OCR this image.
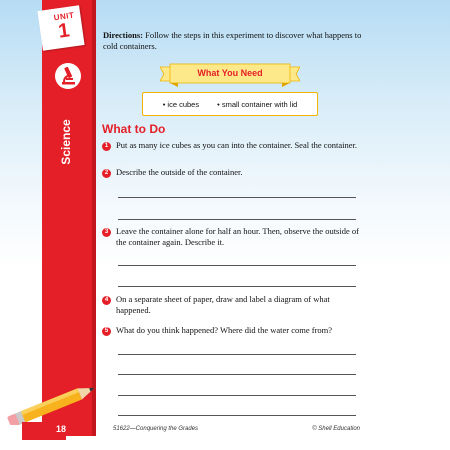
UNIT
1
Science
18	51622—Conquering the Grades	© Shell Education
Directions: Follow the steps in this experiment to discover what happens to cold containers.
What You Need
• ice cubes • small container with lid
What to Do
1 Put as many ice cubes as you can into the container. Seal the container.
2 Describe the outside of the container.
3 Leave the container alone for half an hour. Then, observe the outside of the container again. Describe it.
4 On a separate sheet of paper, draw and label a diagram of what happened.
5 What do you think happened? Where did the water come from?
